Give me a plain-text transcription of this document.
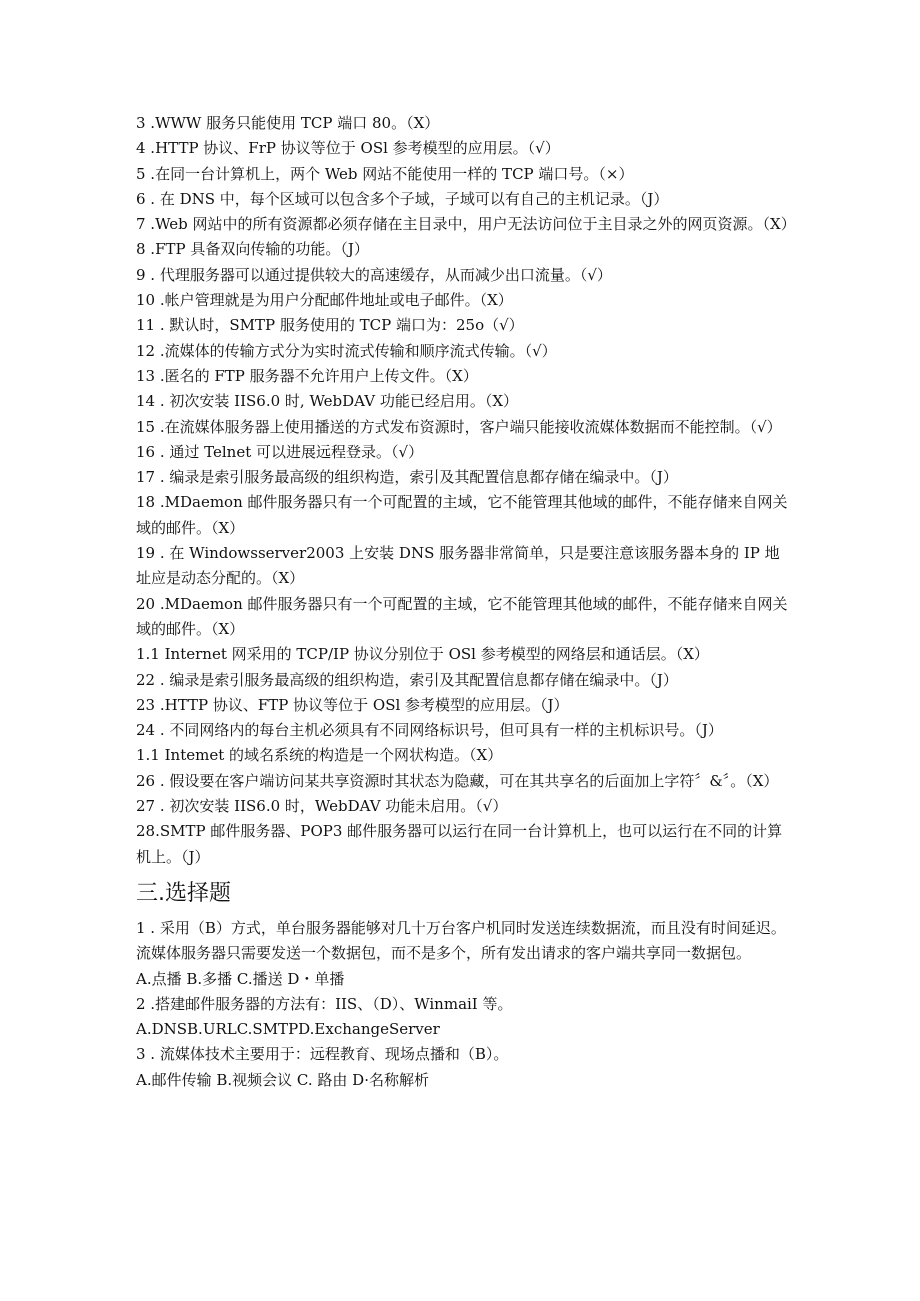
3 .WWW 服务只能使用 TCP 端口 80。（X）

4 .HTTP 协议、FrP 协议等位于 OSl 参考模型的应用层。（√）

5 .在同一台计算机上，两个 Web 网站不能使用一样的 TCP 端口号。（×）

6 . 在 DNS 中，每个区域可以包含多个子域，子域可以有自己的主机记录。（J）

7 .Web 网站中的所有资源都必须存储在主目录中，用户无法访问位于主目录之外的网页资源。（X）

8 .FTP 具备双向传输的功能。（J）

9 . 代理服务器可以通过提供较大的高速缓存，从而减少出口流量。（√）

10 .帐户管理就是为用户分配邮件地址或电子邮件。（X）

11 . 默认时，SMTP 服务使用的 TCP 端口为：25o（√）

12 .流媒体的传输方式分为实时流式传输和顺序流式传输。（√）

13 .匿名的 FTP 服务器不允许用户上传文件。（X）

14 . 初次安装 IIS6.0 时, WebDAV 功能已经启用。（X）

15 .在流媒体服务器上使用播送的方式发布资源时，客户端只能接收流媒体数据而不能控制。（√）

16 . 通过 Telnet 可以进展远程登录。（√）

17 . 编录是索引服务最高级的组织构造，索引及其配置信息都存储在编录中。（J）

18 .MDaemon 邮件服务器只有一个可配置的主域，它不能管理其他域的邮件，不能存储来自网关域的邮件。（X）

19 . 在 Windowsserver2003 上安装 DNS 服务器非常简单，只是要注意该服务器本身的 IP 地址应是动态分配的。（X）

20 .MDaemon 邮件服务器只有一个可配置的主域，它不能管理其他域的邮件，不能存储来自网关域的邮件。（X）

1.1 Internet 网采用的 TCP/IP 协议分别位于 OSl 参考模型的网络层和通话层。（X）

22 . 编录是索引服务最高级的组织构造，索引及其配置信息都存储在编录中。（J）

23 .HTTP 协议、FTP 协议等位于 OSl 参考模型的应用层。（J）

24 . 不同网络内的每台主机必须具有不同网络标识号，但可具有一样的主机标识号。（J）

1.1 Intemet 的域名系统的构造是一个网状构造。（X）

26 . 假设要在客户端访问某共享资源时其状态为隐藏，可在其共享名的后面加上字符〞&〞。（X）

27 . 初次安装 IIS6.0 时，WebDAV 功能未启用。（√）

28.SMTP 邮件服务器、POP3 邮件服务器可以运行在同一台计算机上，也可以运行在不同的计算机上。（J）

三.选择题

1 . 采用（B）方式，单台服务器能够对几十万台客户机同时发送连续数据流，而且没有时间延迟。流媒体服务器只需要发送一个数据包，而不是多个，所有发出请求的客户端共享同一数据包。

A.点播 B.多播 C.播送 D・单播

2 .搭建邮件服务器的方法有：IIS、（D）、WinmaiI 等。

A.DNSB.URLC.SMTPD.ExchangeServer

3 . 流媒体技术主要用于：远程教育、现场点播和（B）。

A.邮件传输 B.视频会议 C. 路由 D·名称解析
